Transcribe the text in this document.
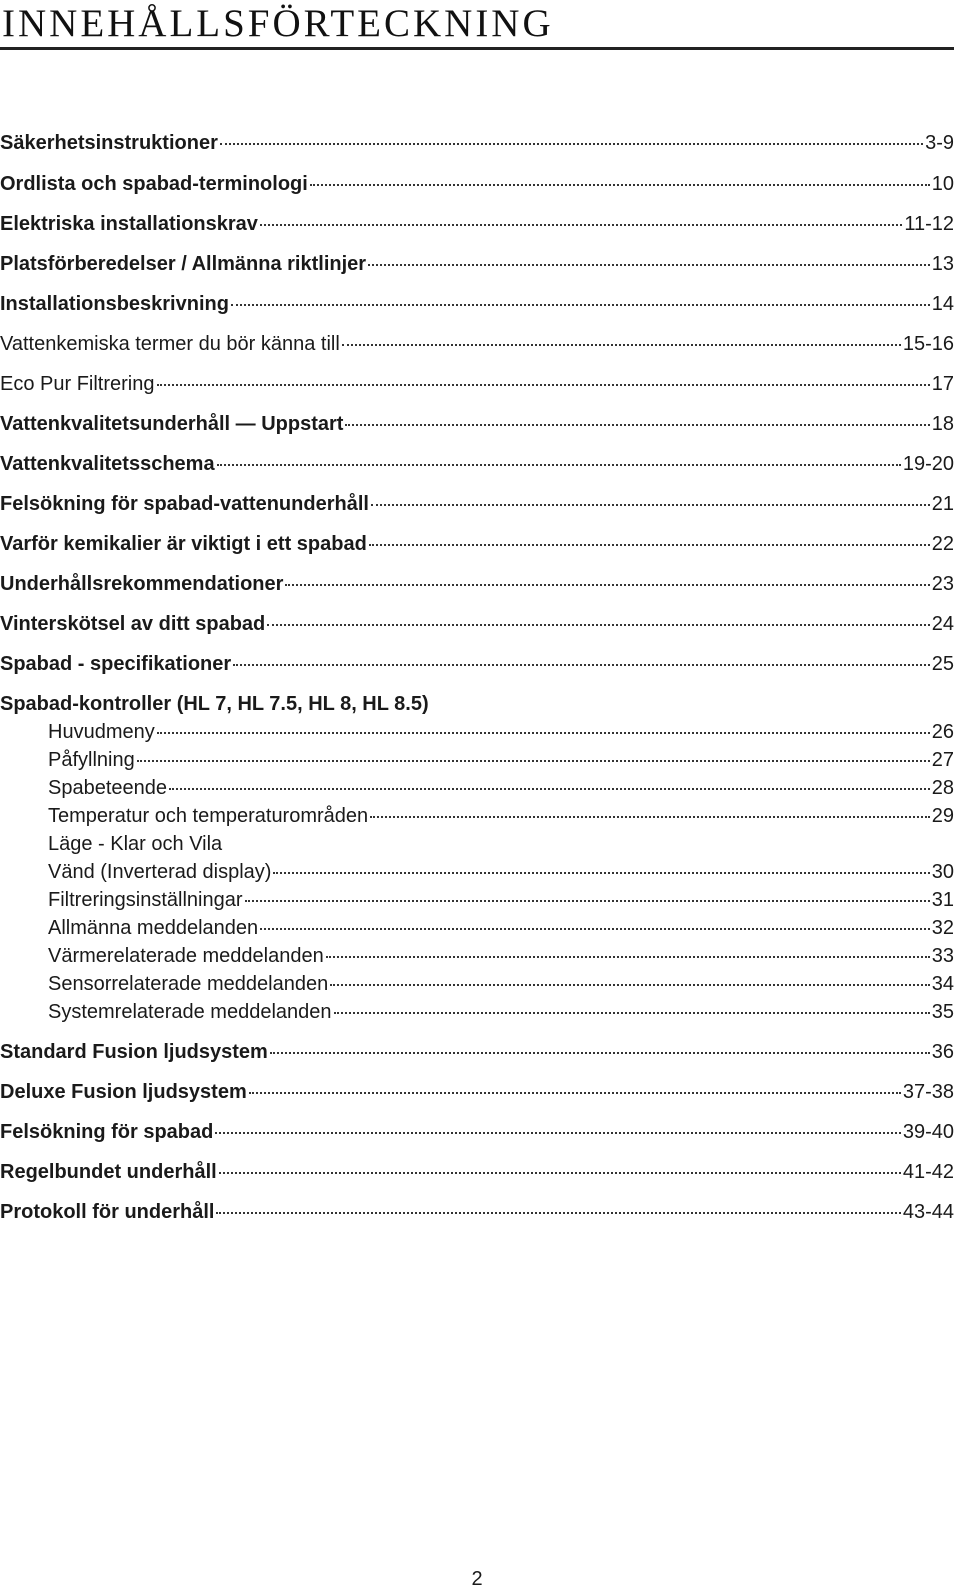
INNEHÅLLSFÖRTECKNING
Säkerhetsinstruktioner	3-9
Ordlista och spabad-terminologi	10
Elektriska installationskrav	11-12
Platsförberedelser / Allmänna riktlinjer	13
Installationsbeskrivning	14
Vattenkemiska termer du bör känna till	15-16
Eco Pur Filtrering	17
Vattenkvalitetsunderhåll — Uppstart	18
Vattenkvalitetsschema	19-20
Felsökning för spabad-vattenunderhåll	21
Varför kemikalier är viktigt i ett spabad	22
Underhållsrekommendationer	23
Vinterskötsel av ditt spabad	24
Spabad - specifikationer	25
Spabad-kontroller (HL 7, HL 7.5, HL 8, HL 8.5)
Huvudmeny	26
Påfyllning	27
Spabeteende	28
Temperatur och temperaturområden	29
Läge - Klar och Vila
Vänd (Inverterad display)	30
Filtreringsinställningar	31
Allmänna meddelanden	32
Värmerelaterade meddelanden	33
Sensorrelaterade meddelanden	34
Systemrelaterade meddelanden	35
Standard Fusion ljudsystem	36
Deluxe Fusion ljudsystem	37-38
Felsökning för spabad	39-40
Regelbundet underhåll	41-42
Protokoll för underhåll	43-44
2
